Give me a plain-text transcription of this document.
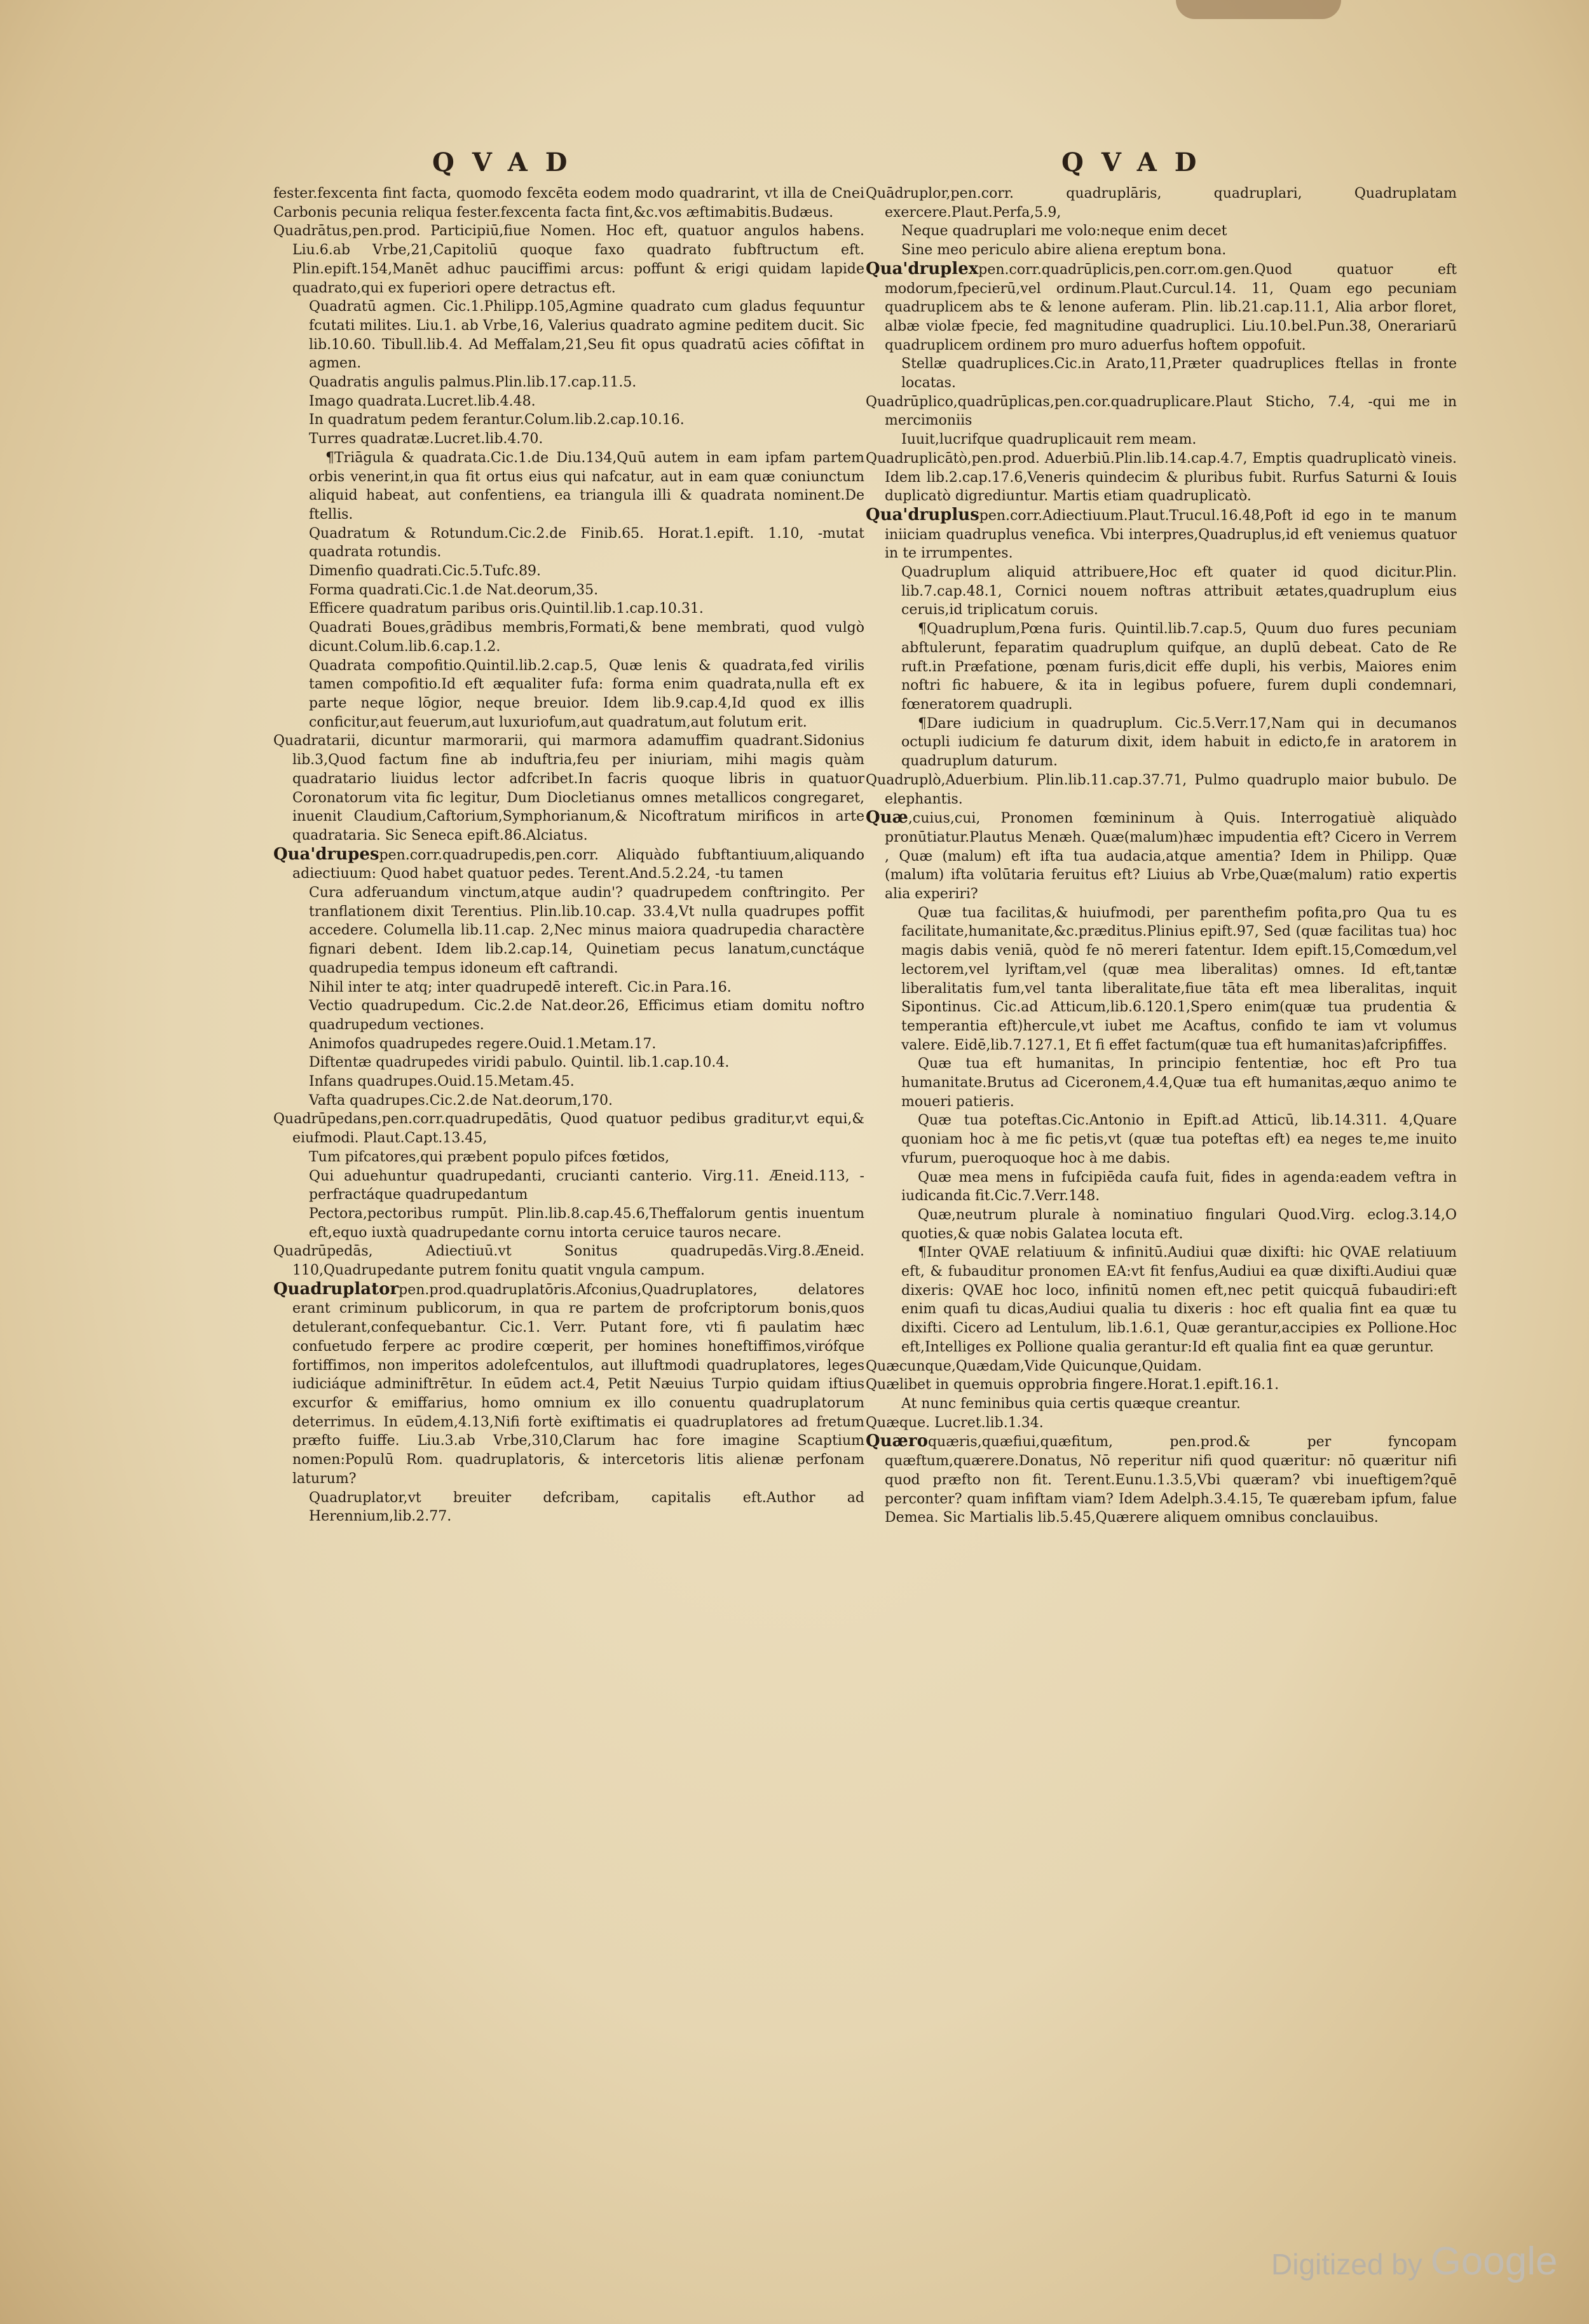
QVAD	QVAD

fester.fexcenta fint facta, quomodo fexcēta eodem modo quadrarint, vt illa de Cnei Carbonis pecunia reliqua fester.fexcenta facta fint,&c.vos æftimabitis.Budæus.

Quadrātus,pen.prod. Participiū,fiue Nomen. Hoc eft, quatuor angulos habens. Liu.6.ab Vrbe,21,Capitoliū quoque faxo quadrato fubftructum eft. Plin.epift.154,Manēt adhuc pauciffimi arcus: poffunt & erigi quidam lapide quadrato,qui ex fuperiori opere detractus eft.

Quadratū agmen. Cic.1.Philipp.105,Agmine quadrato cum gladus fequuntur fcutati milites. Liu.1. ab Vrbe,16, Valerius quadrato agmine peditem ducit. Sic lib.10.60. Tibull.lib.4. Ad Meffalam,21,Seu fit opus quadratū acies cōfiftat in agmen.

Quadratis angulis palmus.Plin.lib.17.cap.11.5.

Imago quadrata.Lucret.lib.4.48.

In quadratum pedem ferantur.Colum.lib.2.cap.10.16.

Turres quadratæ.Lucret.lib.4.70.

¶Triāgula & quadrata.Cic.1.de Diu.134,Quū autem in eam ipfam partem orbis venerint,in qua fit ortus eius qui nafcatur, aut in eam quæ coniunctum aliquid habeat, aut confentiens, ea triangula illi & quadrata nominent.De ftellis.

Quadratum & Rotundum.Cic.2.de Finib.65. Horat.1.epift. 1.10, -mutat quadrata rotundis.

Dimenfio quadrati.Cic.5.Tufc.89.

Forma quadrati.Cic.1.de Nat.deorum,35.

Efficere quadratum paribus oris.Quintil.lib.1.cap.10.31.

Quadrati Boues,grādibus membris,Formati,& bene membrati, quod vulgò dicunt.Colum.lib.6.cap.1.2.

Quadrata compofitio.Quintil.lib.2.cap.5, Quæ lenis & quadrata,fed virilis tamen compofitio.Id eft æqualiter fufa: forma enim quadrata,nulla eft ex parte neque lōgior, neque breuior. Idem lib.9.cap.4,Id quod ex illis conficitur,aut feuerum,aut luxuriofum,aut quadratum,aut folutum erit.

Quadratarii, dicuntur marmorarii, qui marmora adamuffim quadrant.Sidonius lib.3,Quod factum fine ab induftria,feu per iniuriam, mihi magis quàm quadratario liuidus lector adfcribet.In facris quoque libris in quatuor Coronatorum vita fic legitur, Dum Diocletianus omnes metallicos congregaret, inuenit Claudium,Caftorium,Symphorianum,& Nicoftratum mirificos in arte quadrataria. Sic Seneca epift.86.Alciatus.

Qua'drupespen.corr.quadrupedis,pen.corr. Aliquàdo fubftantiuum,aliquando adiectiuum: Quod habet quatuor pedes. Terent.And.5.2.24, -tu tamen

Cura adferuandum vinctum,atque audin'? quadrupedem conftringito. Per tranflationem dixit Terentius. Plin.lib.10.cap. 33.4,Vt nulla quadrupes poffit accedere. Columella lib.11.cap. 2,Nec minus maiora quadrupedia charactère fignari debent. Idem lib.2.cap.14, Quinetiam pecus lanatum,cunctáque quadrupedia tempus idoneum eft caftrandi.

Nihil inter te atq; inter quadrupedē intereft. Cic.in Para.16.

Vectio quadrupedum. Cic.2.de Nat.deor.26, Efficimus etiam domitu noftro quadrupedum vectiones.

Animofos quadrupedes regere.Ouid.1.Metam.17.

Diftentæ quadrupedes viridi pabulo. Quintil. lib.1.cap.10.4.

Infans quadrupes.Ouid.15.Metam.45.

Vafta quadrupes.Cic.2.de Nat.deorum,170.

Quadrūpedans,pen.corr.quadrupedātis, Quod quatuor pedibus graditur,vt equi,& eiufmodi. Plaut.Capt.13.45,

Tum pifcatores,qui præbent populo pifces fœtidos,

Qui aduehuntur quadrupedanti, crucianti canterio. Virg.11. Æneid.113, -perfractáque quadrupedantum

Pectora,pectoribus rumpūt. Plin.lib.8.cap.45.6,Theffalorum gentis inuentum eft,equo iuxtà quadrupedante cornu intorta ceruice tauros necare.

Quadrūpedās, Adiectiuū.vt Sonitus quadrupedās.Virg.8.Æneid. 110,Quadrupedante putrem fonitu quatit vngula campum.

Quadruplatorpen.prod.quadruplatōris.Afconius,Quadruplatores, delatores erant criminum publicorum, in qua re partem de profcriptorum bonis,quos detulerant,confequebantur. Cic.1. Verr. Putant fore, vti fi paulatim hæc confuetudo ferpere ac prodire cœperit, per homines honeftiffimos,virófque fortiffimos, non imperitos adolefcentulos, aut illuftmodi quadruplatores, leges iudiciáque adminiftrētur. In eūdem act.4, Petit Næuius Turpio quidam iftius excurfor & emiffarius, homo omnium ex illo conuentu quadruplatorum deterrimus. In eūdem,4.13,Nifi fortè exiftimatis ei quadruplatores ad fretum præfto fuiffe. Liu.3.ab Vrbe,310,Clarum hac fore imagine Scaptium nomen:Populū Rom. quadruplatoris, & intercetoris litis alienæ perfonam laturum?

Quadruplator,vt breuiter defcribam, capitalis eft.Author ad Herennium,lib.2.77.

Quādruplor,pen.corr. quadruplāris, quadruplari, Quadruplatam exercere.Plaut.Perfa,5.9,

Neque quadruplari me volo:neque enim decet

Sine meo periculo abire aliena ereptum bona.

Qua'druplexpen.corr.quadrūplicis,pen.corr.om.gen.Quod quatuor eft modorum,fpecierū,vel ordinum.Plaut.Curcul.14. 11, Quam ego pecuniam quadruplicem abs te & lenone auferam. Plin. lib.21.cap.11.1, Alia arbor floret, albæ violæ fpecie, fed magnitudine quadruplici. Liu.10.bel.Pun.38, Onerariarū quadruplicem ordinem pro muro aduerfus hoftem oppofuit.

Stellæ quadruplices.Cic.in Arato,11,Præter quadruplices ftellas in fronte locatas.

Quadrūplico,quadrūplicas,pen.cor.quadruplicare.Plaut Sticho, 7.4, -qui me in mercimoniis

Iuuit,lucrifque quadruplicauit rem meam.

Quadruplicātò,pen.prod. Aduerbiū.Plin.lib.14.cap.4.7, Emptis quadruplicatò vineis. Idem lib.2.cap.17.6,Veneris quindecim & pluribus fubit. Rurfus Saturni & Iouis duplicatò digrediuntur. Martis etiam quadruplicatò.

Qua'drupluspen.corr.Adiectiuum.Plaut.Trucul.16.48,Poft id ego in te manum iniiciam quadruplus venefica. Vbi interpres,Quadruplus,id eft veniemus quatuor in te irrumpentes.

Quadruplum aliquid attribuere,Hoc eft quater id quod dicitur.Plin. lib.7.cap.48.1, Cornici nouem noftras attribuit ætates,quadruplum eius ceruis,id triplicatum coruis.

¶Quadruplum,Pœna furis. Quintil.lib.7.cap.5, Quum duo fures pecuniam abftulerunt, feparatim quadruplum quifque, an duplū debeat. Cato de Re ruft.in Præfatione, pœnam furis,dicit effe dupli, his verbis, Maiores enim noftri fic habuere, & ita in legibus pofuere, furem dupli condemnari, fœneratorem quadrupli.

¶Dare iudicium in quadruplum. Cic.5.Verr.17,Nam qui in decumanos octupli iudicium fe daturum dixit, idem habuit in edicto,fe in aratorem in quadruplum daturum.

Quadruplò,Aduerbium. Plin.lib.11.cap.37.71, Pulmo quadruplo maior bubulo. De elephantis.

Quæ,cuius,cui, Pronomen fœmininum à Quis. Interrogatiuè aliquàdo pronūtiatur.Plautus Menæh. Quæ(malum)hæc impudentia eft? Cicero in Verrem , Quæ (malum) eft ifta tua audacia,atque amentia? Idem in Philipp. Quæ (malum) ifta volūtaria feruitus eft? Liuius ab Vrbe,Quæ(malum) ratio expertis alia experiri?

Quæ tua facilitas,& huiufmodi, per parenthefim pofita,pro Qua tu es facilitate,humanitate,&c.præditus.Plinius epift.97, Sed (quæ facilitas tua) hoc magis dabis veniā, quòd fe nō mereri fatentur. Idem epift.15,Comœdum,vel lectorem,vel lyriftam,vel (quæ mea liberalitas) omnes. Id eft,tantæ liberalitatis fum,vel tanta liberalitate,fiue tāta eft mea liberalitas, inquit Sipontinus. Cic.ad Atticum,lib.6.120.1,Spero enim(quæ tua prudentia & temperantia eft)hercule,vt iubet me Acaftus, confido te iam vt volumus valere. Eidē,lib.7.127.1, Et fi effet factum(quæ tua eft humanitas)afcripfiffes.

Quæ tua eft humanitas, In principio fententiæ, hoc eft Pro tua humanitate.Brutus ad Ciceronem,4.4,Quæ tua eft humanitas,æquo animo te moueri patieris.

Quæ tua poteftas.Cic.Antonio in Epift.ad Atticū, lib.14.311. 4,Quare quoniam hoc à me fic petis,vt (quæ tua poteftas eft) ea neges te,me inuito vfurum, pueroquoque hoc à me dabis.

Quæ mea mens in fufcipiēda caufa fuit, fides in agenda:eadem veftra in iudicanda fit.Cic.7.Verr.148.

Quæ,neutrum plurale à nominatiuo fingulari Quod.Virg. eclog.3.14,O quoties,& quæ nobis Galatea locuta eft.

¶Inter QVAE relatiuum & infinitū.Audiui quæ dixifti: hic QVAE relatiuum eft, & fubauditur pronomen EA:vt fit fenfus,Audiui ea quæ dixifti.Audiui quæ dixeris: QVAE hoc loco, infinitū nomen eft,nec petit quicquā fubaudiri:eft enim quafi tu dicas,Audiui qualia tu dixeris : hoc eft qualia fint ea quæ tu dixifti. Cicero ad Lentulum, lib.1.6.1, Quæ gerantur,accipies ex Pollione.Hoc eft,Intelliges ex Pollione qualia gerantur:Id eft qualia fint ea quæ geruntur.

Quæcunque,Quædam,Vide Quicunque,Quidam.

Quælibet in quemuis opprobria fingere.Horat.1.epift.16.1.

At nunc feminibus quia certis quæque creantur.

Quæque. Lucret.lib.1.34.

Quæroquæris,quæfiui,quæfitum, pen.prod.& per fyncopam quæftum,quærere.Donatus, Nō reperitur nifi quod quæritur: nō quæritur nifi quod præfto non fit. Terent.Eunu.1.3.5,Vbi quæram? vbi inueftigem?quē perconter? quam infiftam viam? Idem Adelph.3.4.15, Te quærebam ipfum, falue Demea. Sic Martialis lib.5.45,Quærere aliquem omnibus conclauibus.

Digitized by Google
